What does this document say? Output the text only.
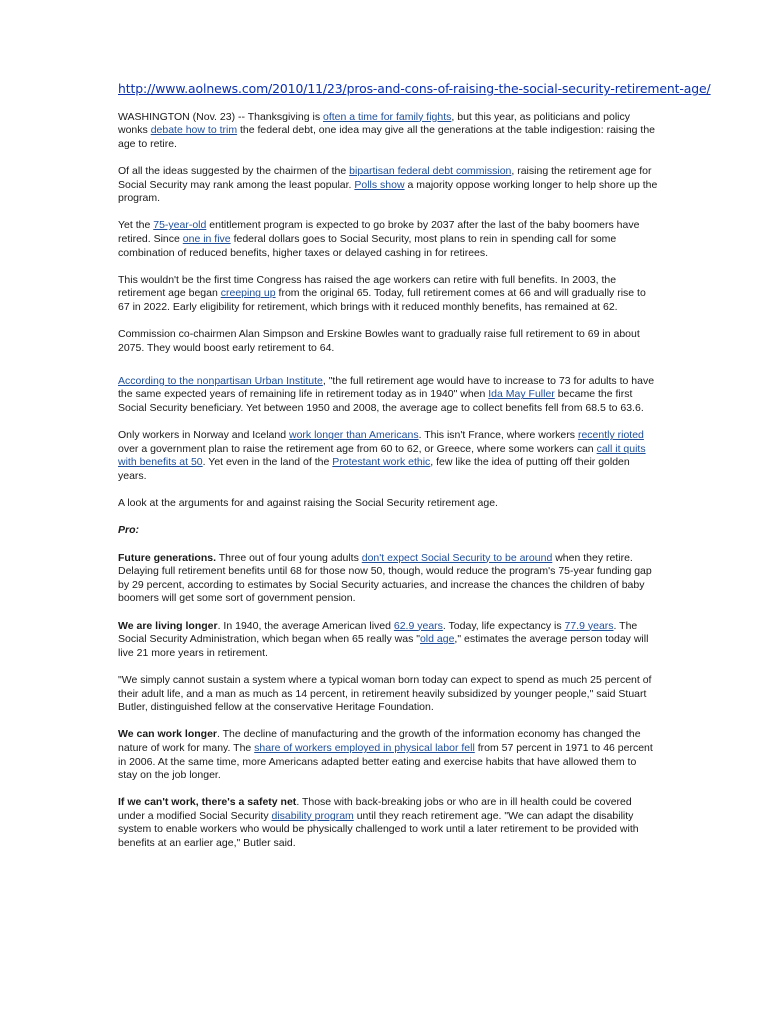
http://www.aolnews.com/2010/11/23/pros-and-cons-of-raising-the-social-security-retirement-age/

WASHINGTON (Nov. 23) -- Thanksgiving is often a time for family fights, but this year, as politicians and policy wonks debate how to trim the federal debt, one idea may give all the generations at the table indigestion: raising the age to retire.

Of all the ideas suggested by the chairmen of the bipartisan federal debt commission, raising the retirement age for Social Security may rank among the least popular. Polls show a majority oppose working longer to help shore up the program.

Yet the 75-year-old entitlement program is expected to go broke by 2037 after the last of the baby boomers have retired. Since one in five federal dollars goes to Social Security, most plans to rein in spending call for some combination of reduced benefits, higher taxes or delayed cashing in for retirees.

This wouldn't be the first time Congress has raised the age workers can retire with full benefits. In 2003, the retirement age began creeping up from the original 65. Today, full retirement comes at 66 and will gradually rise to 67 in 2022. Early eligibility for retirement, which brings with it reduced monthly benefits, has remained at 62.

Commission co-chairmen Alan Simpson and Erskine Bowles want to gradually raise full retirement to 69 in about 2075. They would boost early retirement to 64.

According to the nonpartisan Urban Institute, "the full retirement age would have to increase to 73 for adults to have the same expected years of remaining life in retirement today as in 1940" when Ida May Fuller became the first Social Security beneficiary. Yet between 1950 and 2008, the average age to collect benefits fell from 68.5 to 63.6.

Only workers in Norway and Iceland work longer than Americans. This isn't France, where workers recently rioted over a government plan to raise the retirement age from 60 to 62, or Greece, where some workers can call it quits with benefits at 50. Yet even in the land of the Protestant work ethic, few like the idea of putting off their golden years.

A look at the arguments for and against raising the Social Security retirement age.

Pro:

Future generations. Three out of four young adults don't expect Social Security to be around when they retire. Delaying full retirement benefits until 68 for those now 50, though, would reduce the program's 75-year funding gap by 29 percent, according to estimates by Social Security actuaries, and increase the chances the children of baby boomers will get some sort of government pension.

We are living longer. In 1940, the average American lived 62.9 years. Today, life expectancy is 77.9 years. The Social Security Administration, which began when 65 really was "old age," estimates the average person today will live 21 more years in retirement.

"We simply cannot sustain a system where a typical woman born today can expect to spend as much 25 percent of their adult life, and a man as much as 14 percent, in retirement heavily subsidized by younger people," said Stuart Butler, distinguished fellow at the conservative Heritage Foundation.

We can work longer. The decline of manufacturing and the growth of the information economy has changed the nature of work for many. The share of workers employed in physical labor fell from 57 percent in 1971 to 46 percent in 2006. At the same time, more Americans adapted better eating and exercise habits that have allowed them to stay on the job longer.

If we can't work, there's a safety net. Those with back-breaking jobs or who are in ill health could be covered under a modified Social Security disability program until they reach retirement age. "We can adapt the disability system to enable workers who would be physically challenged to work until a later retirement to be provided with benefits at an earlier age," Butler said.
